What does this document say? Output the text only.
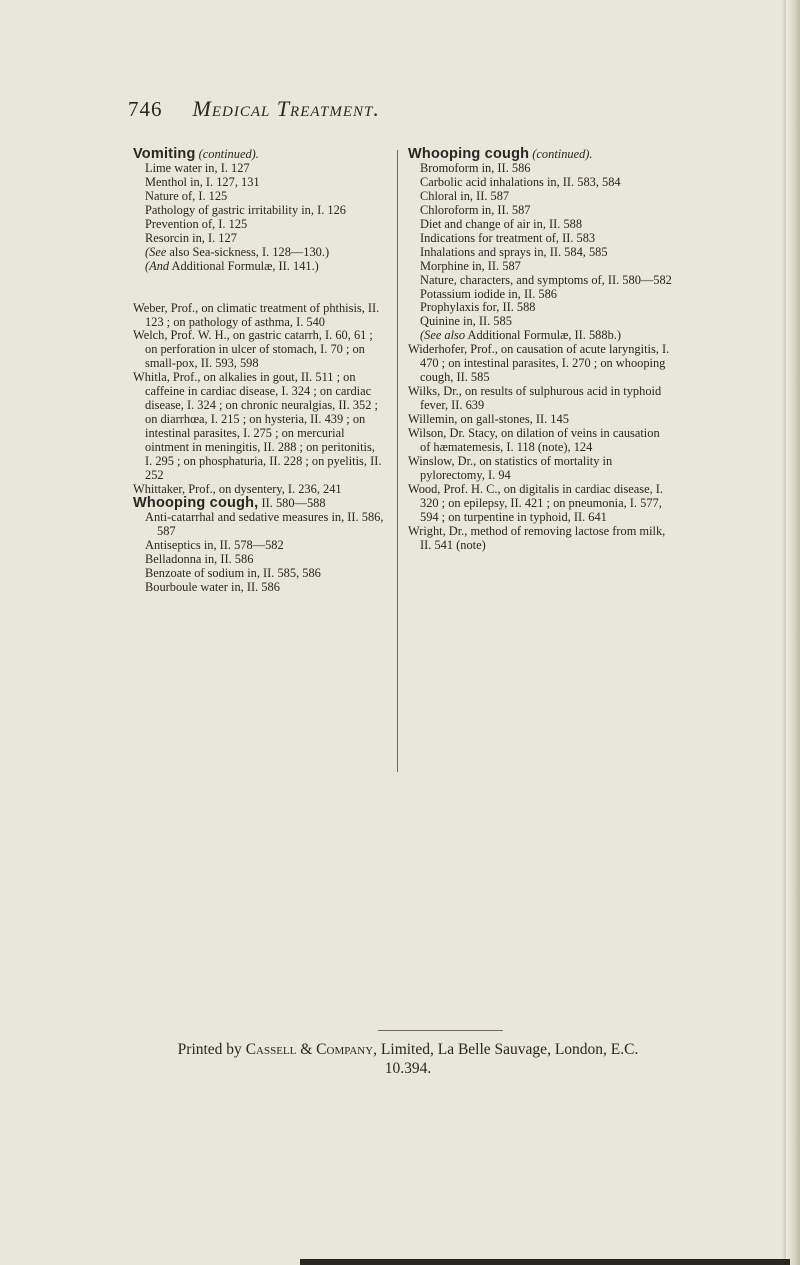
746 Medical Treatment.
Vomiting (continued).
Lime water in, I. 127
Menthol in, I. 127, 131
Nature of, I. 125
Pathology of gastric irritability in, I. 126
Prevention of, I. 125
Resorcin in, I. 127
(See also Sea-sickness, I. 128—130.)
(And Additional Formulæ, II. 141.)
Weber, Prof., on climatic treatment of phthisis, II. 123 ; on pathology of asthma, I. 540
Welch, Prof. W. H., on gastric catarrh, I. 60, 61 ; on perforation in ulcer of stomach, I. 70 ; on small-pox, II. 593, 598
Whitla, Prof., on alkalies in gout, II. 511 ; on caffeine in cardiac disease, I. 324 ; on cardiac disease, I. 324 ; on chronic neuralgias, II. 352 ; on diarrhœa, I. 215 ; on hysteria, II. 439 ; on intestinal parasites, I. 275 ; on mercurial ointment in meningitis, II. 288 ; on peritonitis, I. 295 ; on phosphaturia, II. 228 ; on pyelitis, II. 252
Whittaker, Prof., on dysentery, I. 236, 241
Whooping cough, II. 580—588
Anti-catarrhal and sedative measures in, II. 586, 587
Antiseptics in, II. 578—582
Belladonna in, II. 586
Benzoate of sodium in, II. 585, 586
Bourboule water in, II. 586
Whooping cough (continued).
Bromoform in, II. 586
Carbolic acid inhalations in, II. 583, 584
Chloral in, II. 587
Chloroform in, II. 587
Diet and change of air in, II. 588
Indications for treatment of, II. 583
Inhalations and sprays in, II. 584, 585
Morphine in, II. 587
Nature, characters, and symptoms of, II. 580—582
Potassium iodide in, II. 586
Prophylaxis for, II. 588
Quinine in, II. 585
(See also Additional Formulæ, II. 588b.)
Widerhofer, Prof., on causation of acute laryngitis, I. 470 ; on intestinal parasites, I. 270 ; on whooping cough, II. 585
Wilks, Dr., on results of sulphurous acid in typhoid fever, II. 639
Willemin, on gall-stones, II. 145
Wilson, Dr. Stacy, on dilation of veins in causation of hæmatemesis, I. 118 (note), 124
Winslow, Dr., on statistics of mortality in pylorectomy, I. 94
Wood, Prof. H. C., on digitalis in cardiac disease, I. 320 ; on epilepsy, II. 421 ; on pneumonia, I. 577, 594 ; on turpentine in typhoid, II. 641
Wright, Dr., method of removing lactose from milk, II. 541 (note)
Printed by Cassell & Company, Limited, La Belle Sauvage, London, E.C.
10.394.
